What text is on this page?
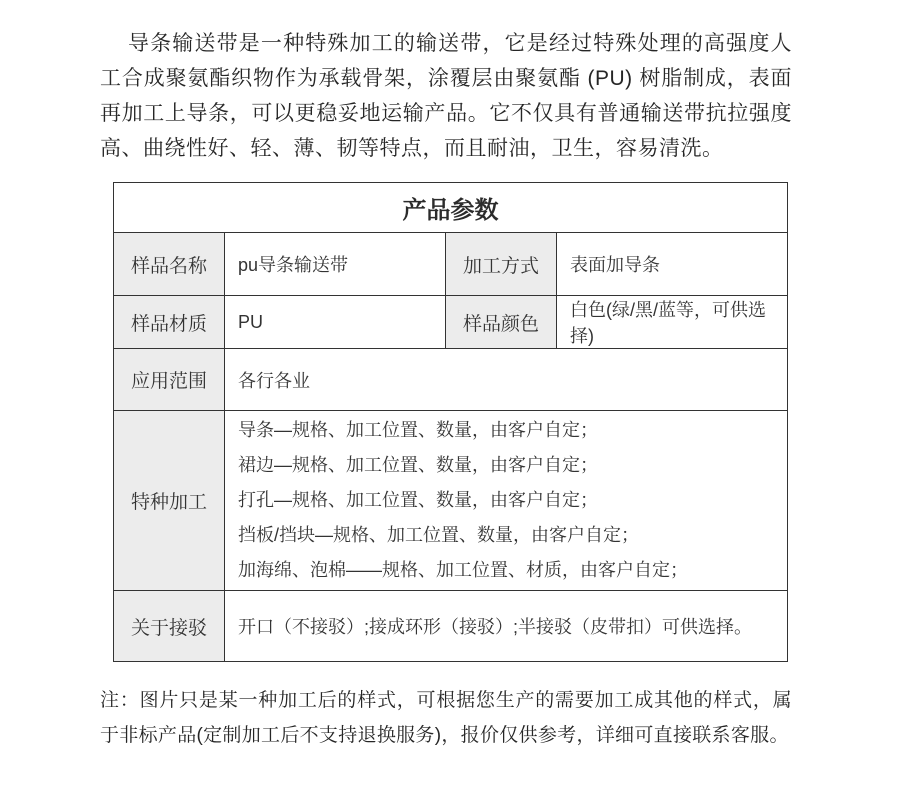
导条输送带是一种特殊加工的输送带，它是经过特殊处理的高强度人工合成聚氨酯织物作为承载骨架，涂覆层由聚氨酯 (PU) 树脂制成，表面再加工上导条，可以更稳妥地运输产品。它不仅具有普通输送带抗拉强度高、曲绕性好、轻、薄、韧等特点，而且耐油，卫生，容易清洗。

产品参数			
样品名称	pu导条输送带	加工方式	表面加导条
样品材质	PU	样品颜色	白色(绿/黑/蓝等，可供选择)
应用范围	各行各业		
特种加工	导条—规格、加工位置、数量，由客户自定；
裙边—规格、加工位置、数量，由客户自定；
打孔—规格、加工位置、数量，由客户自定；
挡板/挡块—规格、加工位置、数量，由客户自定；
加海绵、泡棉——规格、加工位置、材质，由客户自定；		

关于接驳	开口（不接驳）;接成环形（接驳）;半接驳（皮带扣）可供选择。		

注：图片只是某一种加工后的样式，可根据您生产的需要加工成其他的样式，属于非标产品(定制加工后不支持退换服务)，报价仅供参考，详细可直接联系客服。
